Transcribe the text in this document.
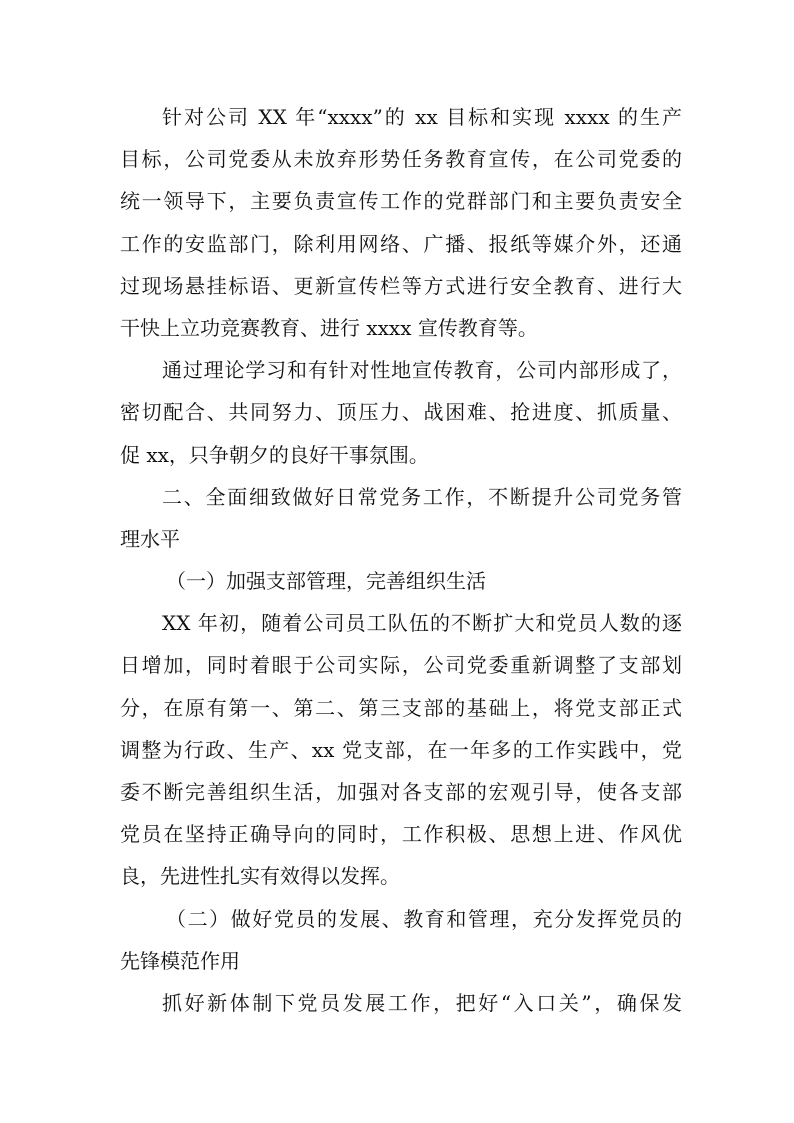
针对公司 XX 年“xxxx”的 xx 目标和实现 xxxx 的生产
目标，公司党委从未放弃形势任务教育宣传，在公司党委的
统一领导下，主要负责宣传工作的党群部门和主要负责安全
工作的安监部门，除利用网络、广播、报纸等媒介外，还通
过现场悬挂标语、更新宣传栏等方式进行安全教育、进行大
干快上立功竞赛教育、进行 xxxx 宣传教育等。
通过理论学习和有针对性地宣传教育，公司内部形成了，
密切配合、共同努力、顶压力、战困难、抢进度、抓质量、
促 xx，只争朝夕的良好干事氛围。
二、全面细致做好日常党务工作，不断提升公司党务管
理水平
（一）加强支部管理，完善组织生活
XX 年初，随着公司员工队伍的不断扩大和党员人数的逐
日增加，同时着眼于公司实际，公司党委重新调整了支部划
分，在原有第一、第二、第三支部的基础上，将党支部正式
调整为行政、生产、xx 党支部，在一年多的工作实践中，党
委不断完善组织生活，加强对各支部的宏观引导，使各支部
党员在坚持正确导向的同时，工作积极、思想上进、作风优
良，先进性扎实有效得以发挥。
（二）做好党员的发展、教育和管理，充分发挥党员的
先锋模范作用
抓好新体制下党员发展工作，把好“入口关”，确保发
